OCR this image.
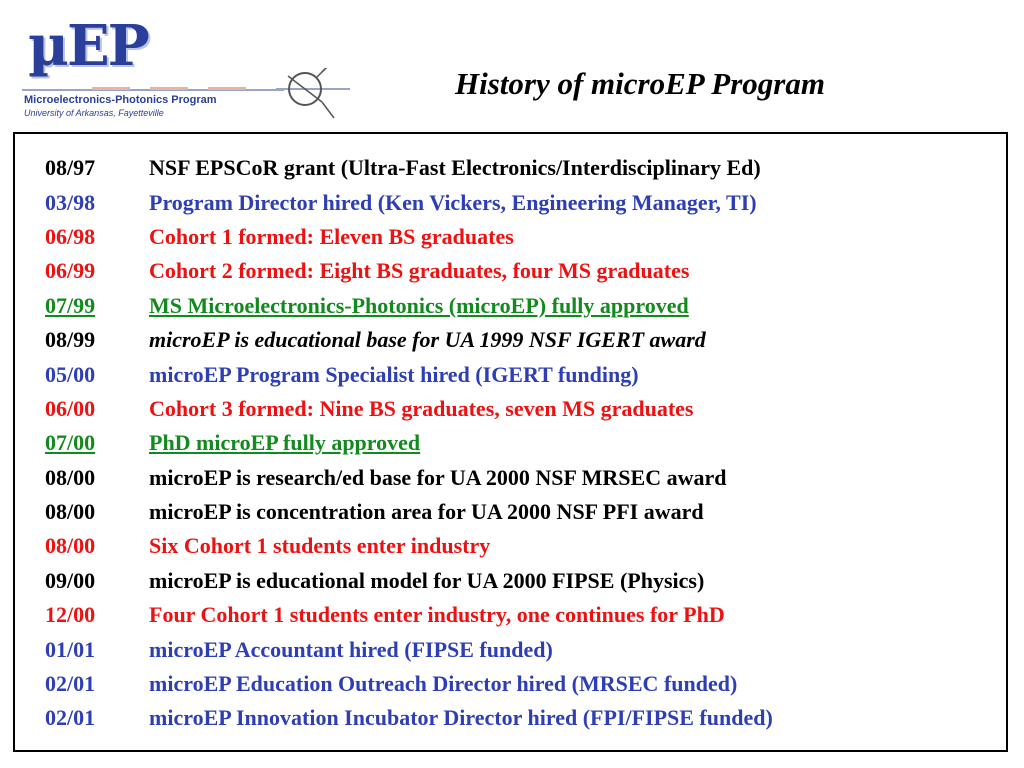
µEP
Microelectronics-Photonics Program
University of Arkansas, Fayetteville
History of microEP Program
08/97	NSF EPSCoR grant (Ultra-Fast Electronics/Interdisciplinary Ed)
03/98	Program Director hired (Ken Vickers, Engineering Manager, TI)
06/98	Cohort 1 formed: Eleven BS graduates
06/99	Cohort 2 formed: Eight BS graduates, four MS graduates
07/99	MS Microelectronics-Photonics (microEP) fully approved
08/99	microEP is educational base for UA 1999 NSF IGERT award
05/00	microEP Program Specialist hired (IGERT funding)
06/00	Cohort 3 formed: Nine BS graduates, seven MS graduates
07/00	PhD microEP fully approved
08/00	microEP is research/ed base for UA 2000 NSF MRSEC award
08/00	microEP is concentration area for UA 2000 NSF PFI award
08/00	Six Cohort 1 students enter industry
09/00	microEP is educational model for UA 2000 FIPSE (Physics)
12/00	Four Cohort 1 students enter industry, one continues for PhD
01/01	microEP Accountant hired (FIPSE funded)
02/01	microEP Education Outreach Director hired (MRSEC funded)
02/01	microEP Innovation Incubator Director hired (FPI/FIPSE funded)
